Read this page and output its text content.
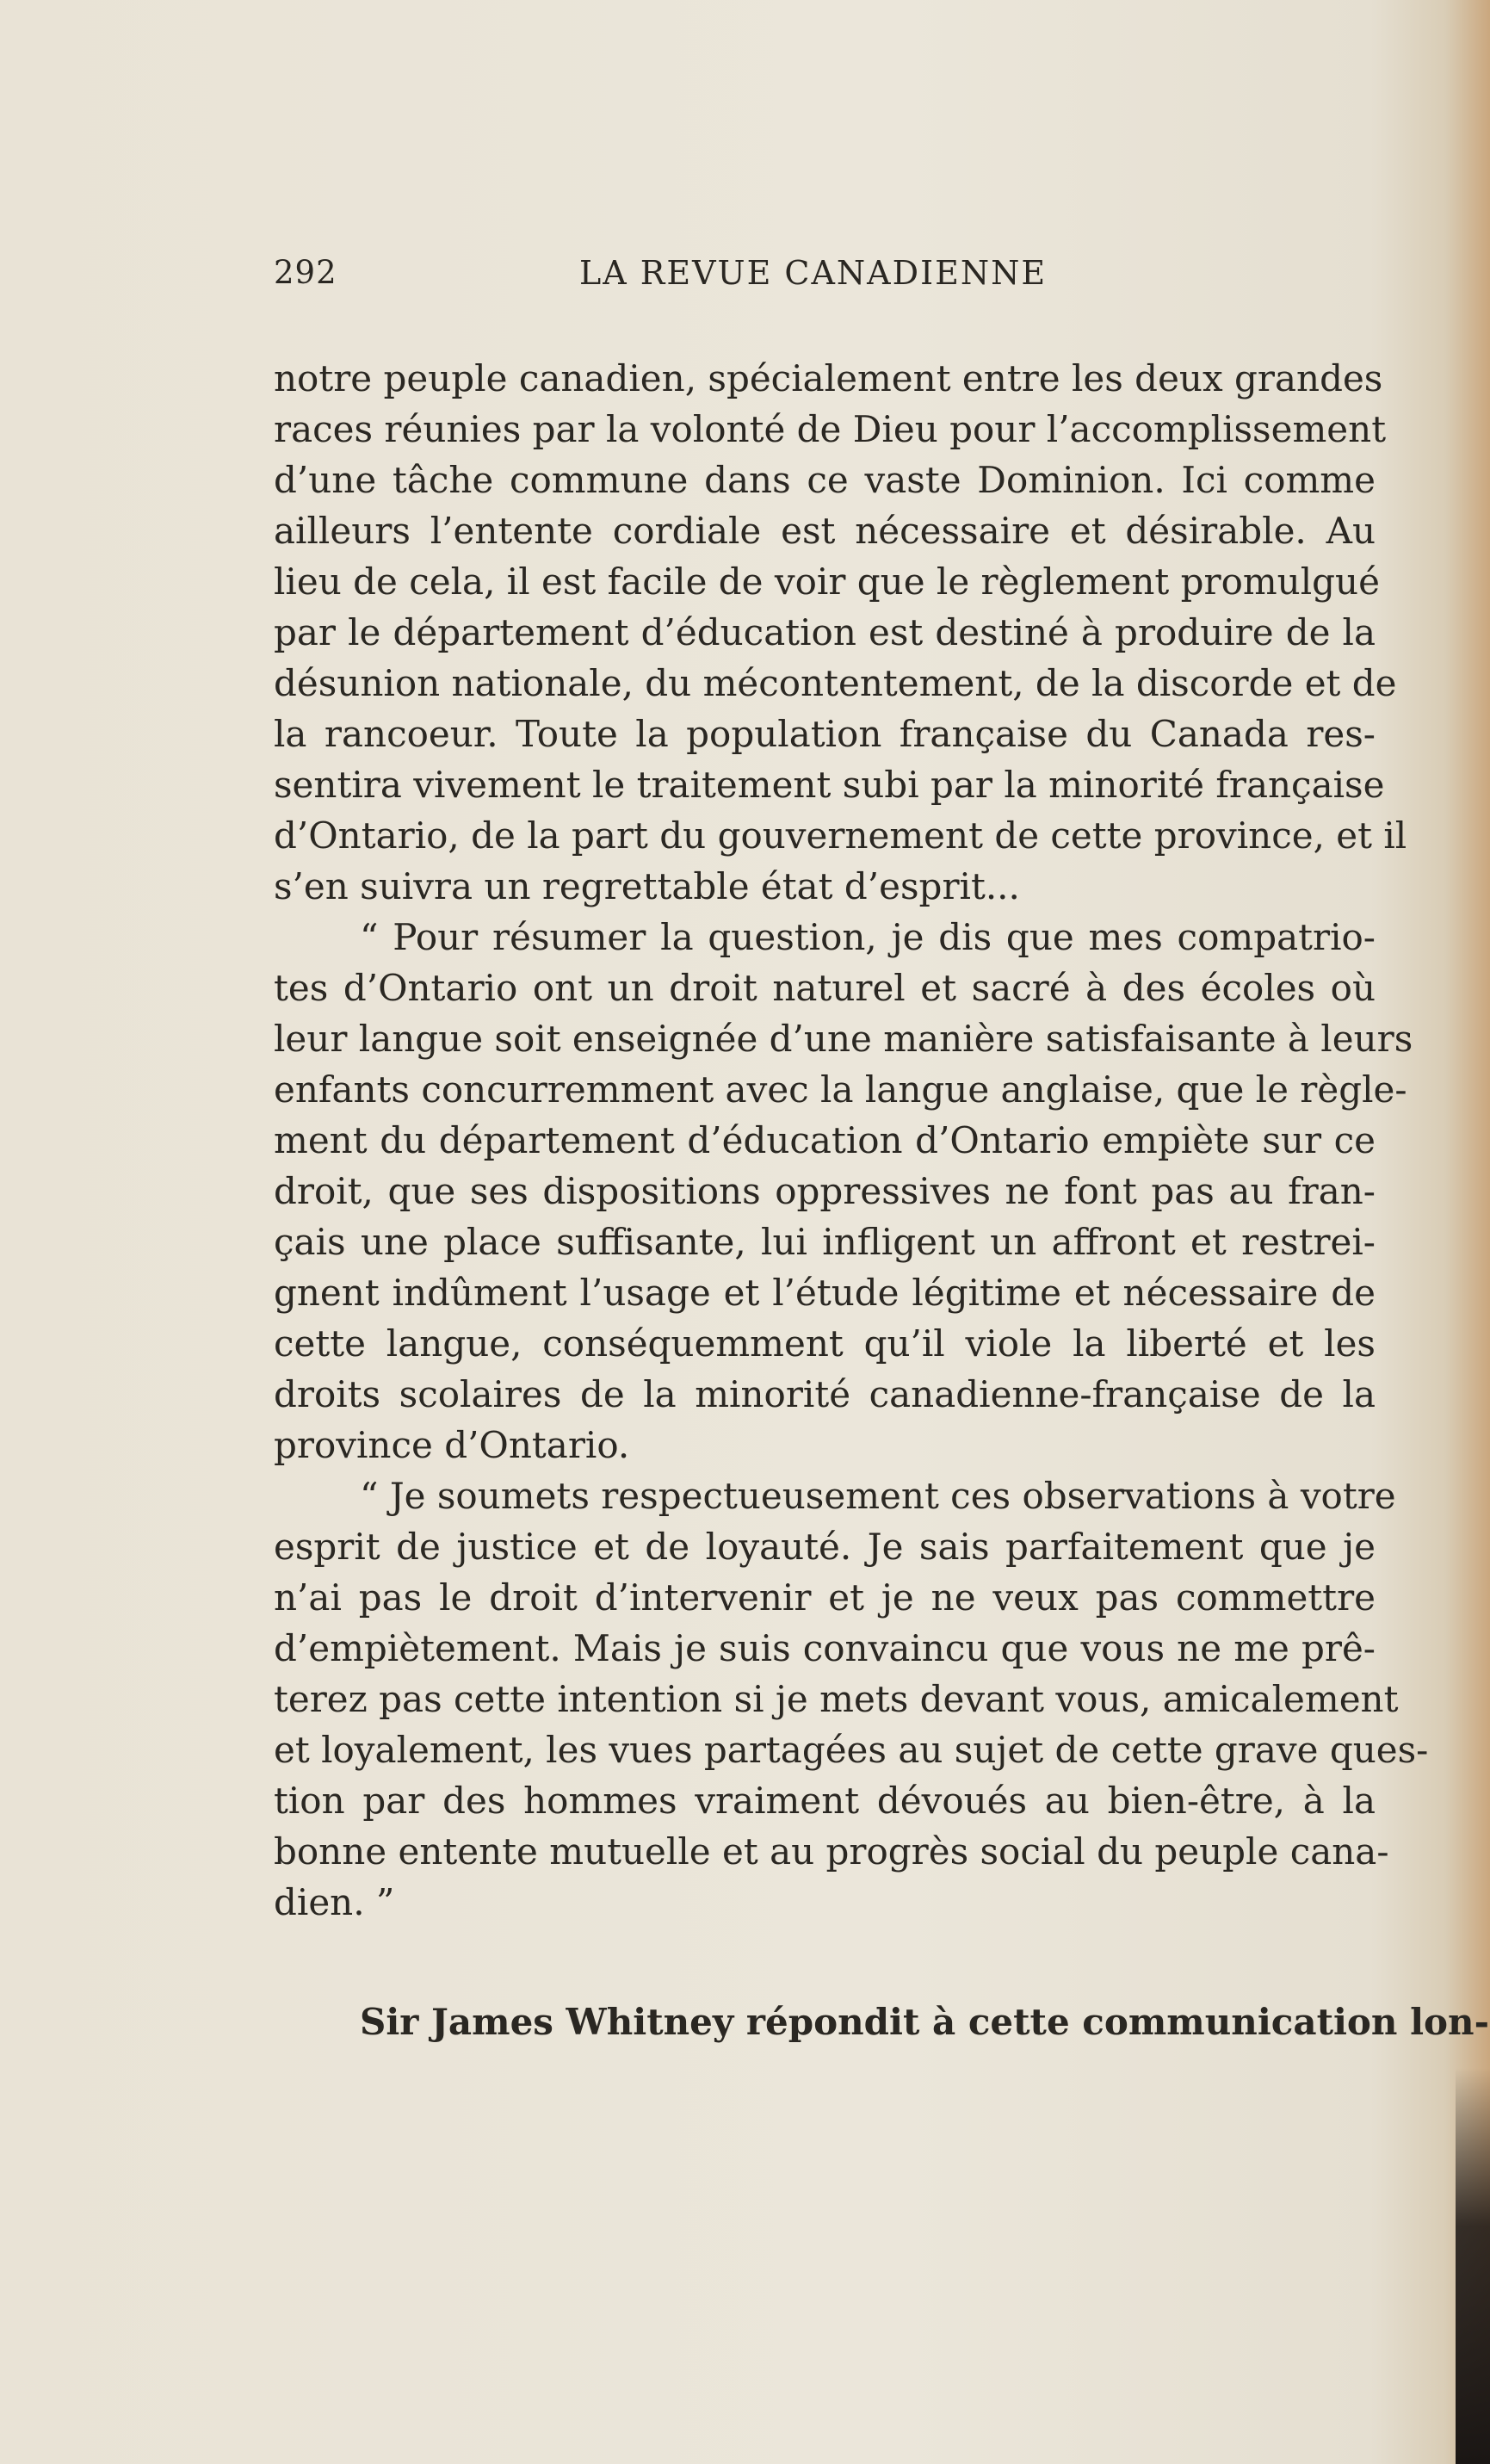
292	LA REVUE CANADIENNE
notre peuple canadien, spécialement entre les deux grandes
races réunies par la volonté de Dieu pour l’accomplissement
d’une tâche commune dans ce vaste Dominion. Ici comme
ailleurs l’entente cordiale est nécessaire et désirable. Au
lieu de cela, il est facile de voir que le règlement promulgué
par le département d’éducation est destiné à produire de la
désunion nationale, du mécontentement, de la discorde et de
la rancoeur. Toute la population française du Canada res-
sentira vivement le traitement subi par la minorité française
d’Ontario, de la part du gouvernement de cette province, et il
s’en suivra un regrettable état d’esprit...
“ Pour résumer la question, je dis que mes compatrio-
tes d’Ontario ont un droit naturel et sacré à des écoles où
leur langue soit enseignée d’une manière satisfaisante à leurs
enfants concurremment avec la langue anglaise, que le règle-
ment du département d’éducation d’Ontario empiète sur ce
droit, que ses dispositions oppressives ne font pas au fran-
çais une place suffisante, lui infligent un affront et restrei-
gnent indûment l’usage et l’étude légitime et nécessaire de
cette langue, conséquemment qu’il viole la liberté et les
droits scolaires de la minorité canadienne-française de la
province d’Ontario.
“ Je soumets respectueusement ces observations à votre
esprit de justice et de loyauté. Je sais parfaitement que je
n’ai pas le droit d’intervenir et je ne veux pas commettre
d’empiètement. Mais je suis convaincu que vous ne me prê-
terez pas cette intention si je mets devant vous, amicalement
et loyalement, les vues partagées au sujet de cette grave ques-
tion par des hommes vraiment dévoués au bien-être, à la
bonne entente mutuelle et au progrès social du peuple cana-
dien. ”
Sir James Whitney répondit à cette communication lon-
